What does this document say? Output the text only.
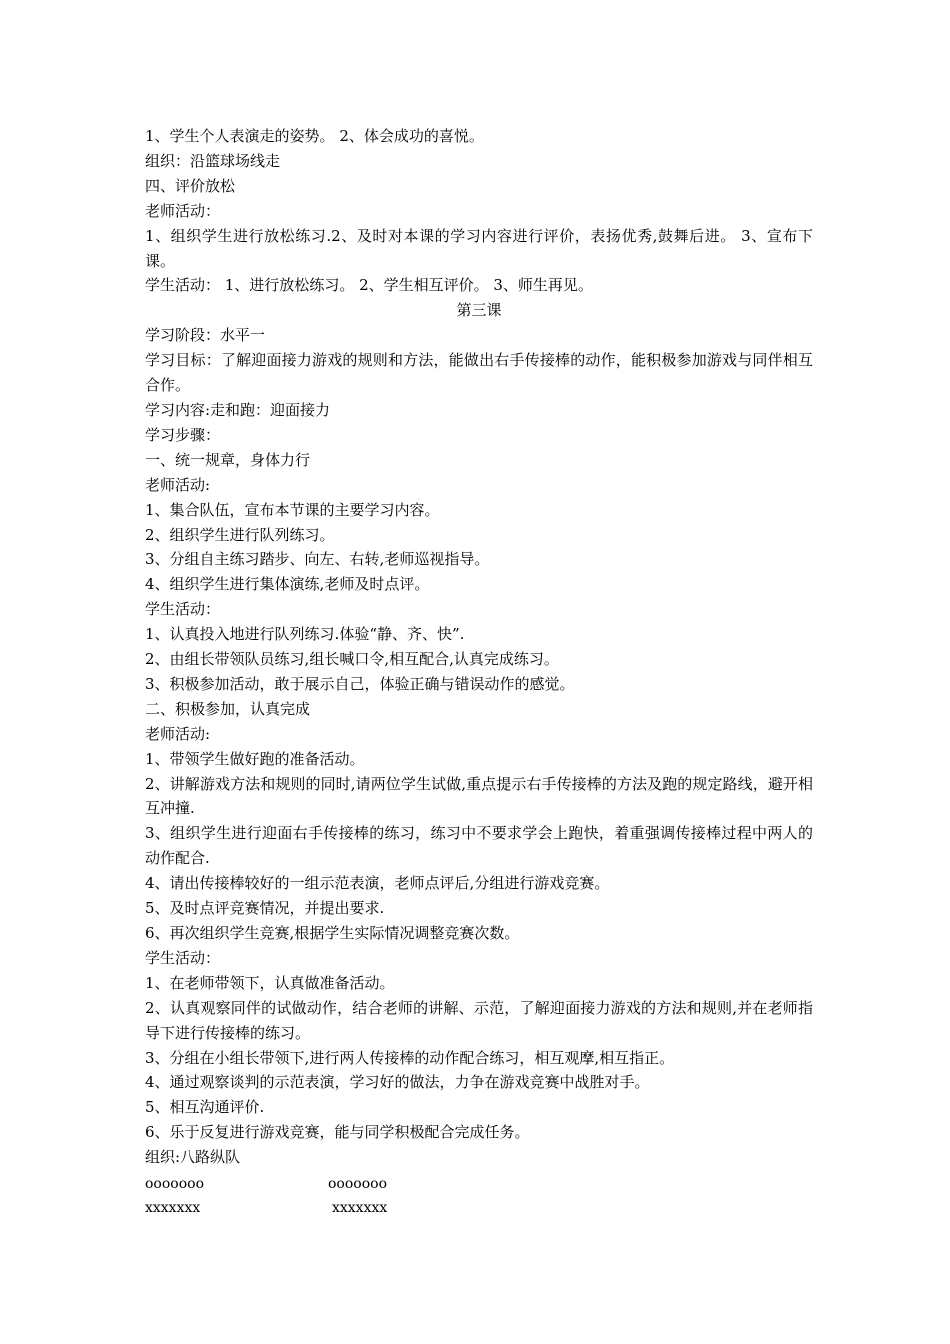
1、学生个人表演走的姿势。 2、体会成功的喜悦。

组织：沿篮球场线走

四、评价放松

老师活动：

1、组织学生进行放松练习.2、及时对本课的学习内容进行评价，表扬优秀,鼓舞后进。 3、宣布下课。

学生活动： 1、进行放松练习。 2、学生相互评价。 3、师生再见。

第三课

学习阶段：水平一

学习目标：了解迎面接力游戏的规则和方法，能做出右手传接棒的动作，能积极参加游戏与同伴相互合作。

学习内容:走和跑：迎面接力

学习步骤：

一、统一规章，身体力行

老师活动:

1、集合队伍，宣布本节课的主要学习内容。

2、组织学生进行队列练习。

3、分组自主练习踏步、向左、右转,老师巡视指导。

4、组织学生进行集体演练,老师及时点评。

学生活动：

1、认真投入地进行队列练习.体验“静、齐、快”.

2、由组长带领队员练习,组长喊口令,相互配合,认真完成练习。

3、积极参加活动，敢于展示自己，体验正确与错误动作的感觉。

二、积极参加，认真完成

老师活动:

1、带领学生做好跑的准备活动。

2、讲解游戏方法和规则的同时,请两位学生试做,重点提示右手传接棒的方法及跑的规定路线，避开相互冲撞.

3、组织学生进行迎面右手传接棒的练习，练习中不要求学会上跑快，着重强调传接棒过程中两人的动作配合.

4、请出传接棒较好的一组示范表演，老师点评后,分组进行游戏竞赛。

5、及时点评竞赛情况，并提出要求.

6、再次组织学生竞赛,根据学生实际情况调整竞赛次数。

学生活动：

1、在老师带领下，认真做准备活动。

2、认真观察同伴的试做动作，结合老师的讲解、示范，了解迎面接力游戏的方法和规则,并在老师指导下进行传接棒的练习。

3、分组在小组长带领下,进行两人传接棒的动作配合练习，相互观摩,相互指正。

4、通过观察谈判的示范表演，学习好的做法，力争在游戏竞赛中战胜对手。

5、相互沟通评价.

6、乐于反复进行游戏竞赛，能与同学积极配合完成任务。

组织:八路纵队

ooooooo	ooooooo
xxxxxxx	xxxxxxx
